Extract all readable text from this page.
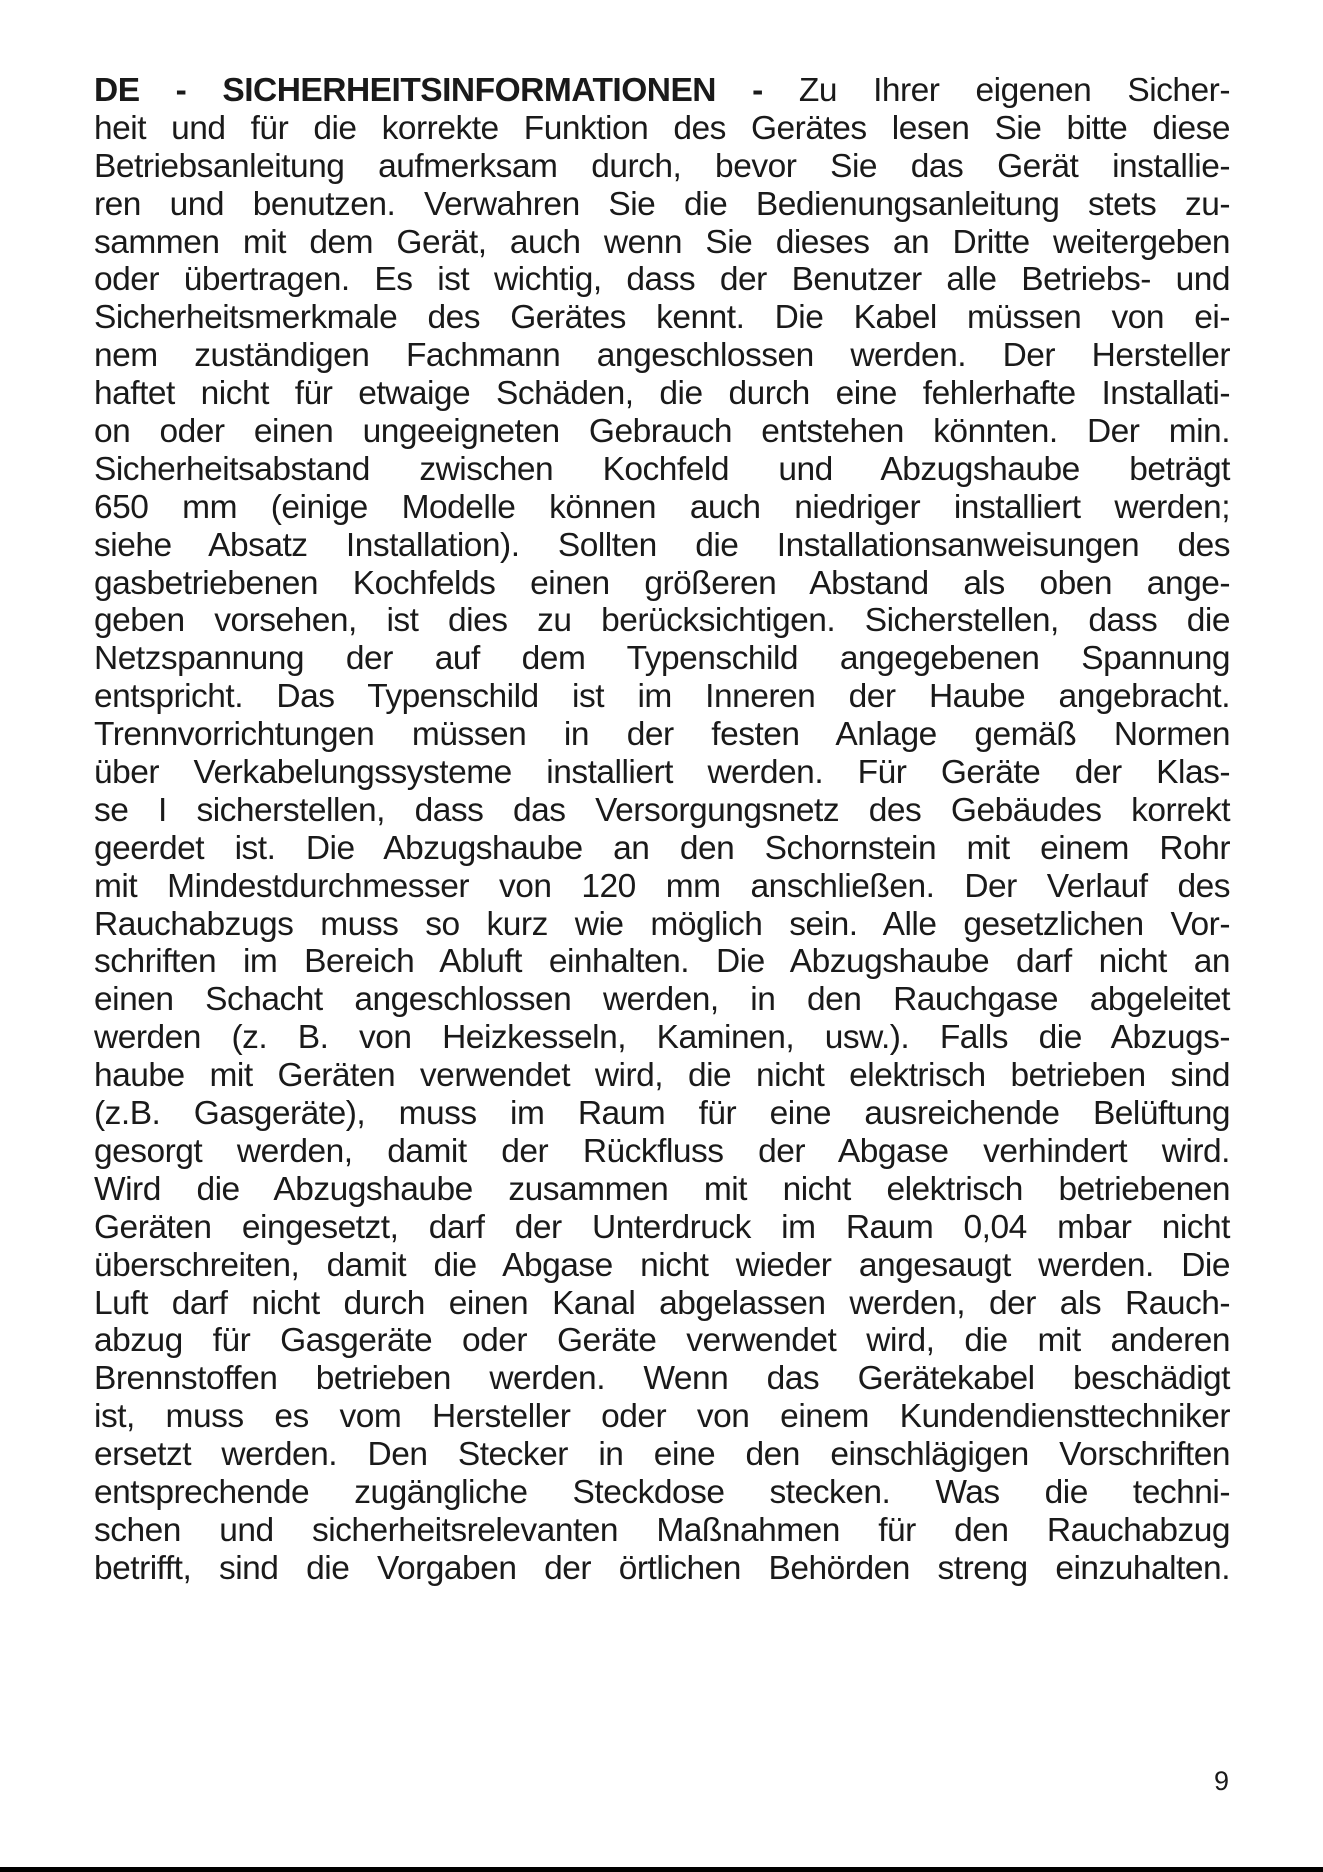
DE - SICHERHEITSINFORMATIONEN - Zu Ihrer eigenen Sicher-
heit und für die korrekte Funktion des Gerätes lesen Sie bitte diese
Betriebsanleitung aufmerksam durch, bevor Sie das Gerät installie-
ren und benutzen. Verwahren Sie die Bedienungsanleitung stets zu-
sammen mit dem Gerät, auch wenn Sie dieses an Dritte weitergeben
oder übertragen. Es ist wichtig, dass der Benutzer alle Betriebs- und
Sicherheitsmerkmale des Gerätes kennt. Die Kabel müssen von ei-
nem zuständigen Fachmann angeschlossen werden. Der Hersteller
haftet nicht für etwaige Schäden, die durch eine fehlerhafte Installati-
on oder einen ungeeigneten Gebrauch entstehen könnten. Der min.
Sicherheitsabstand zwischen Kochfeld und Abzugshaube beträgt
650 mm (einige Modelle können auch niedriger installiert werden;
siehe Absatz Installation). Sollten die Installationsanweisungen des
gasbetriebenen Kochfelds einen größeren Abstand als oben ange-
geben vorsehen, ist dies zu berücksichtigen. Sicherstellen, dass die
Netzspannung der auf dem Typenschild angegebenen Spannung
entspricht. Das Typenschild ist im Inneren der Haube angebracht.
Trennvorrichtungen müssen in der festen Anlage gemäß Normen
über Verkabelungssysteme installiert werden. Für Geräte der Klas-
se I sicherstellen, dass das Versorgungsnetz des Gebäudes korrekt
geerdet ist. Die Abzugshaube an den Schornstein mit einem Rohr
mit Mindestdurchmesser von 120 mm anschließen. Der Verlauf des
Rauchabzugs muss so kurz wie möglich sein. Alle gesetzlichen Vor-
schriften im Bereich Abluft einhalten. Die Abzugshaube darf nicht an
einen Schacht angeschlossen werden, in den Rauchgase abgeleitet
werden (z. B. von Heizkesseln, Kaminen, usw.). Falls die Abzugs-
haube mit Geräten verwendet wird, die nicht elektrisch betrieben sind
(z.B. Gasgeräte), muss im Raum für eine ausreichende Belüftung
gesorgt werden, damit der Rückfluss der Abgase verhindert wird.
Wird die Abzugshaube zusammen mit nicht elektrisch betriebenen
Geräten eingesetzt, darf der Unterdruck im Raum 0,04 mbar nicht
überschreiten, damit die Abgase nicht wieder angesaugt werden. Die
Luft darf nicht durch einen Kanal abgelassen werden, der als Rauch-
abzug für Gasgeräte oder Geräte verwendet wird, die mit anderen
Brennstoffen betrieben werden. Wenn das Gerätekabel beschädigt
ist, muss es vom Hersteller oder von einem Kundendiensttechniker
ersetzt werden. Den Stecker in eine den einschlägigen Vorschriften
entsprechende zugängliche Steckdose stecken. Was die techni-
schen und sicherheitsrelevanten Maßnahmen für den Rauchabzug
betrifft, sind die Vorgaben der örtlichen Behörden streng einzuhalten.
9
